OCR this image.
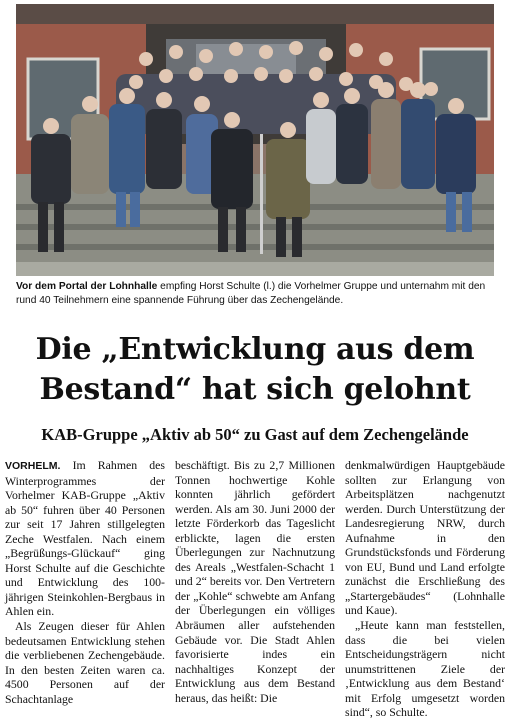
Vor dem Portal der Lohnhalle empfing Horst Schulte (l.) die Vorhelmer Gruppe und unternahm mit den rund 40 Teilnehmern eine spannende Führung über das Zechengelände.
Die „Entwicklung aus dem
Bestand“ hat sich gelohnt
KAB-Gruppe „Aktiv ab 50“ zu Gast auf dem Zechengelände

VORHELM. Im Rahmen des Winterprogrammes der Vorhelmer KAB-Gruppe „Aktiv ab 50“ fuhren über 40 Personen zur seit 17 Jahren stillgelegten Zeche Westfalen. Nach einem „Begrüßungs-Glückauf“ ging Horst Schulte auf die Geschichte und Entwicklung des 100-jährigen Steinkohlen-Bergbaus in Ahlen ein.

Als Zeugen dieser für Ahlen bedeutsamen Entwicklung stehen die verbliebenen Zechengebäude. In den besten Zeiten waren ca. 4500 Personen auf der Schachtanlage

beschäftigt. Bis zu 2,7 Millionen Tonnen hochwertige Kohle konnten jährlich gefördert werden. Als am 30. Juni 2000 der letzte Förderkorb das Tageslicht erblickte, lagen die ersten Überlegungen zur Nachnutzung des Areals „Westfalen-Schacht 1 und 2“ bereits vor. Den Vertretern der „Kohle“ schwebte am Anfang der Überlegungen ein völliges Abräumen aller aufstehenden Gebäude vor. Die Stadt Ahlen favorisierte indes ein nachhaltiges Konzept der Entwicklung aus dem Bestand heraus, das heißt: Die

denkmalwürdigen Hauptgebäude sollten zur Erlangung von Arbeitsplätzen nachgenutzt werden. Durch Unterstützung der Landesregierung NRW, durch Aufnahme in den Grundstücksfonds und Förderung von EU, Bund und Land erfolgte zunächst die Erschließung des „Startergebäudes“ (Lohnhalle und Kaue).

„Heute kann man feststellen, dass die bei vielen Entscheidungsträgern nicht unumstrittenen Ziele der ‚Entwicklung aus dem Bestand‘ mit Erfolg umgesetzt worden sind“, so Schulte.
